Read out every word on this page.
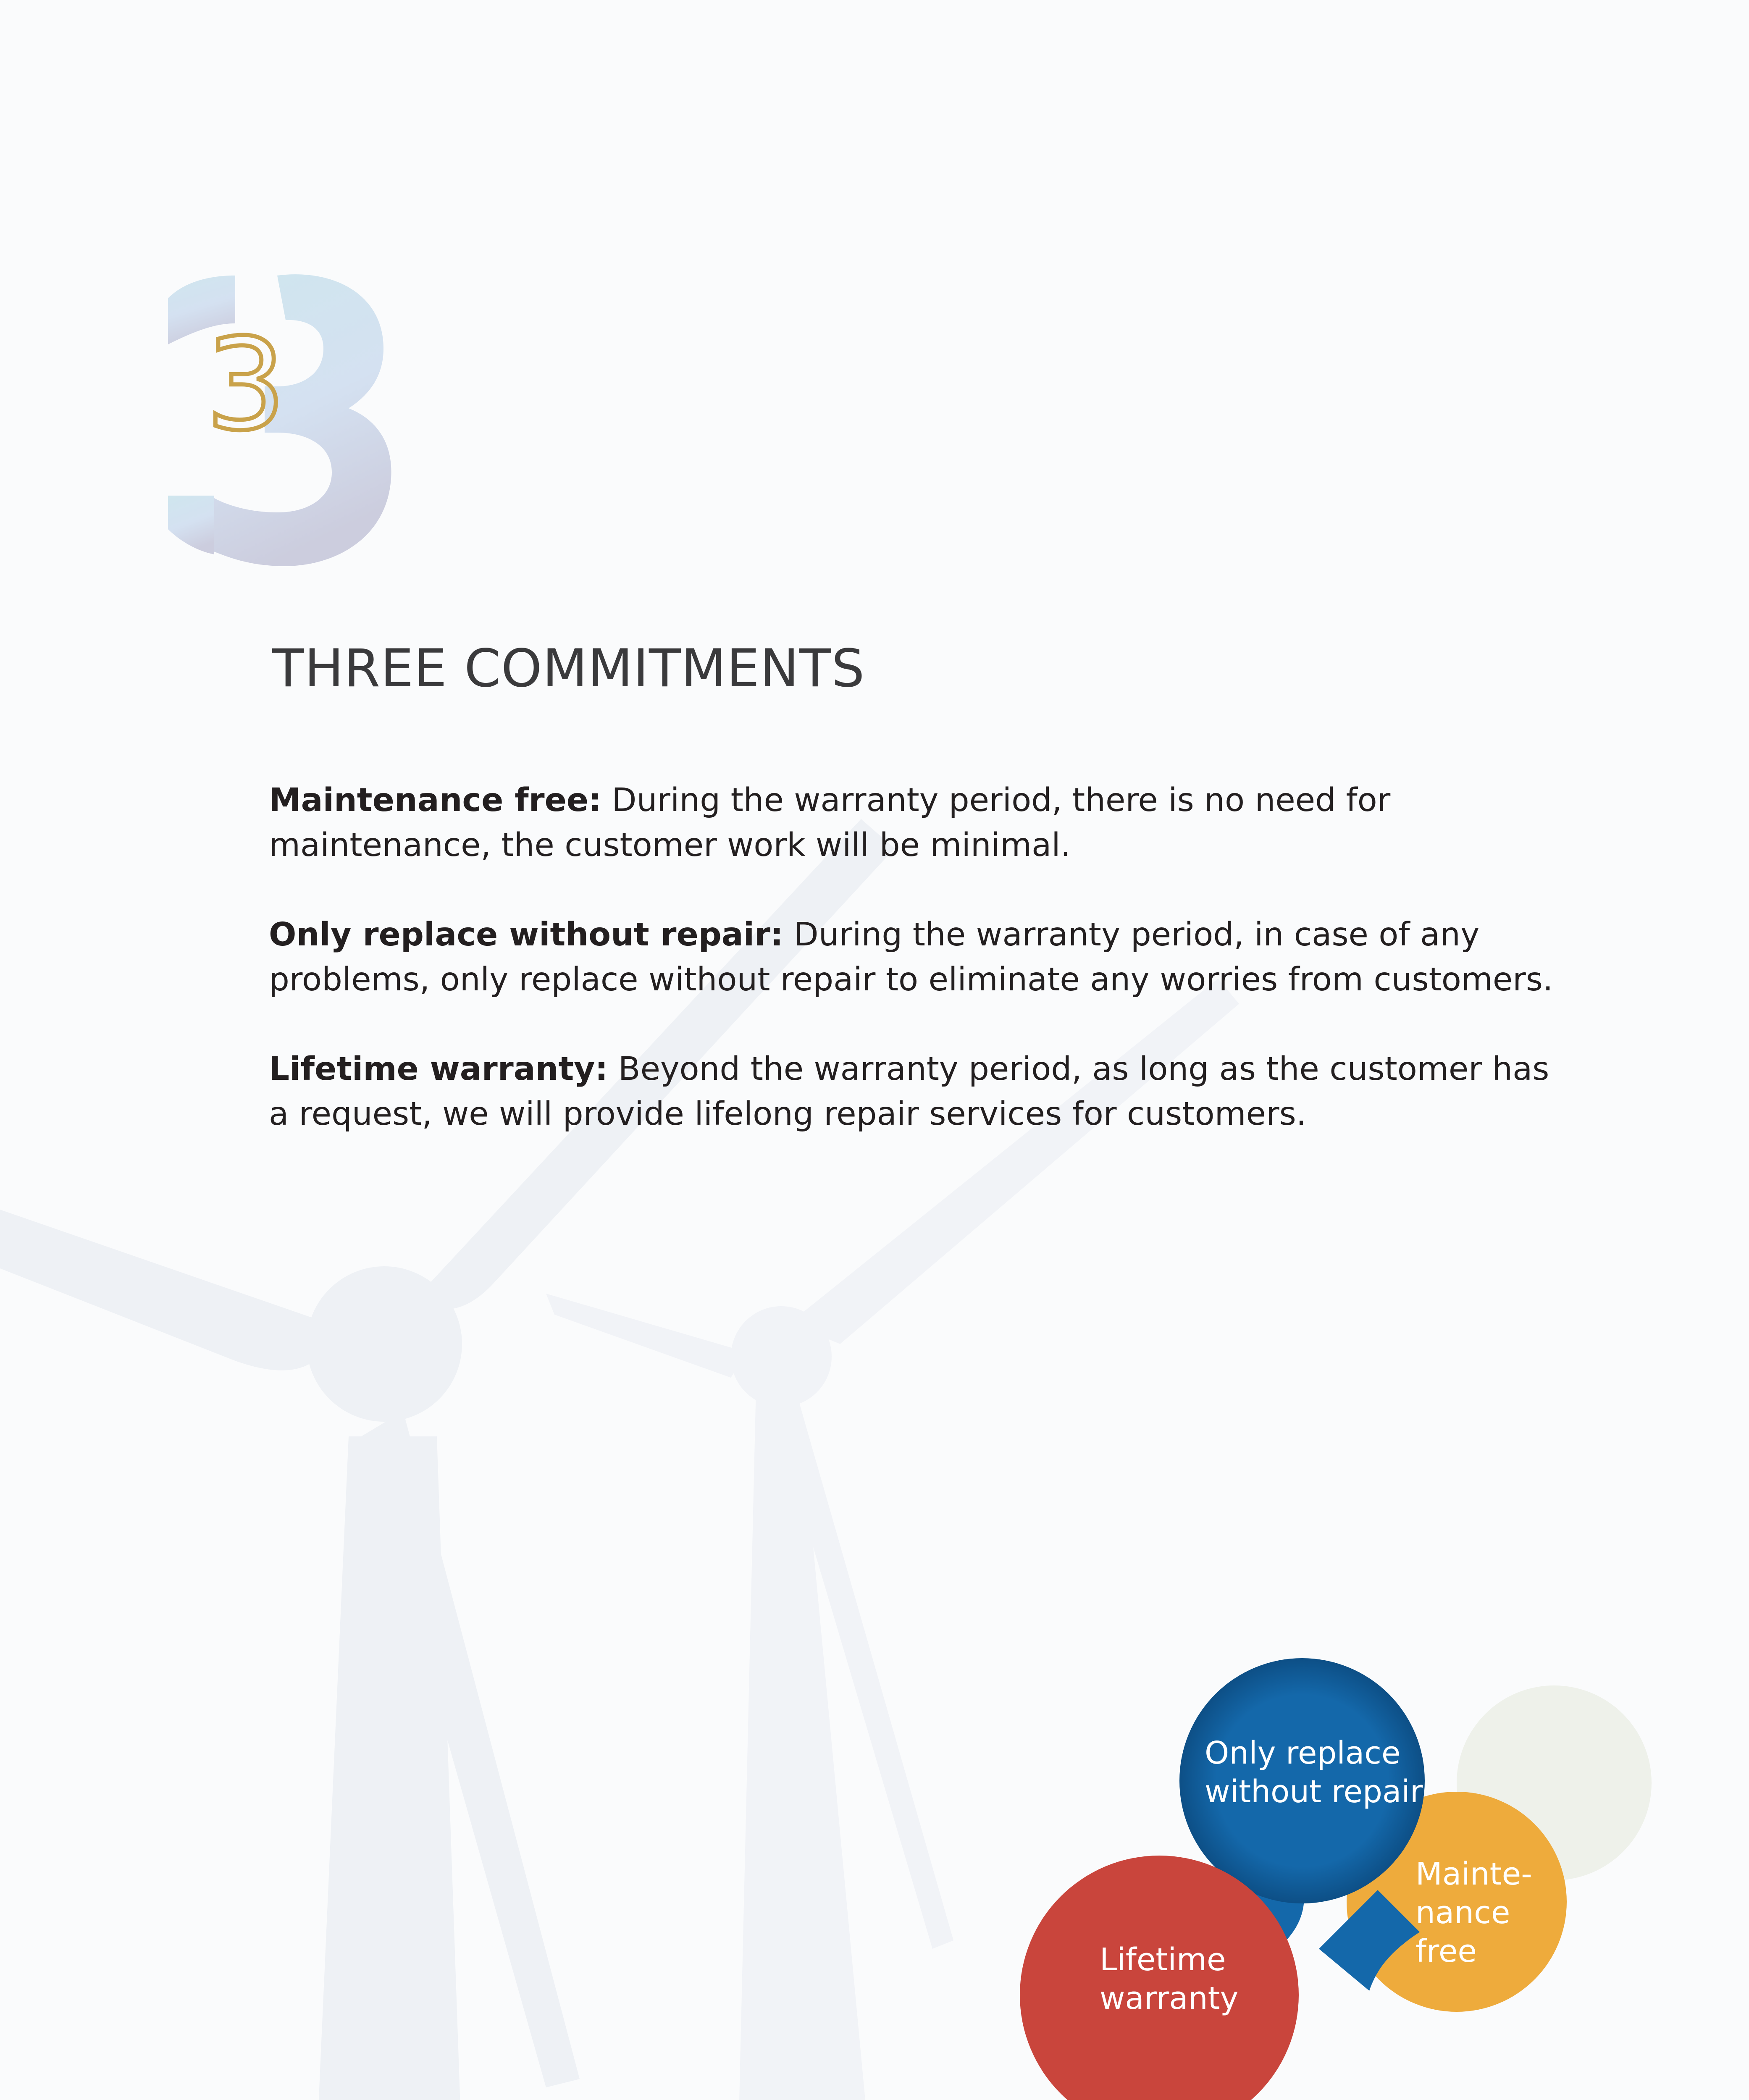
3
THREE COMMITMENTS

Maintenance free: During the warranty period, there is no need for maintenance, the customer work will be minimal.

Only replace without repair: During the warranty period, in case of any problems, only replace without repair to eliminate any worries from customers.

Lifetime warranty: Beyond the warranty period, as long as the customer has a request, we will provide lifelong repair services for customers.

Only replace
without repair
Mainte-
nance
free
Lifetime
warranty
